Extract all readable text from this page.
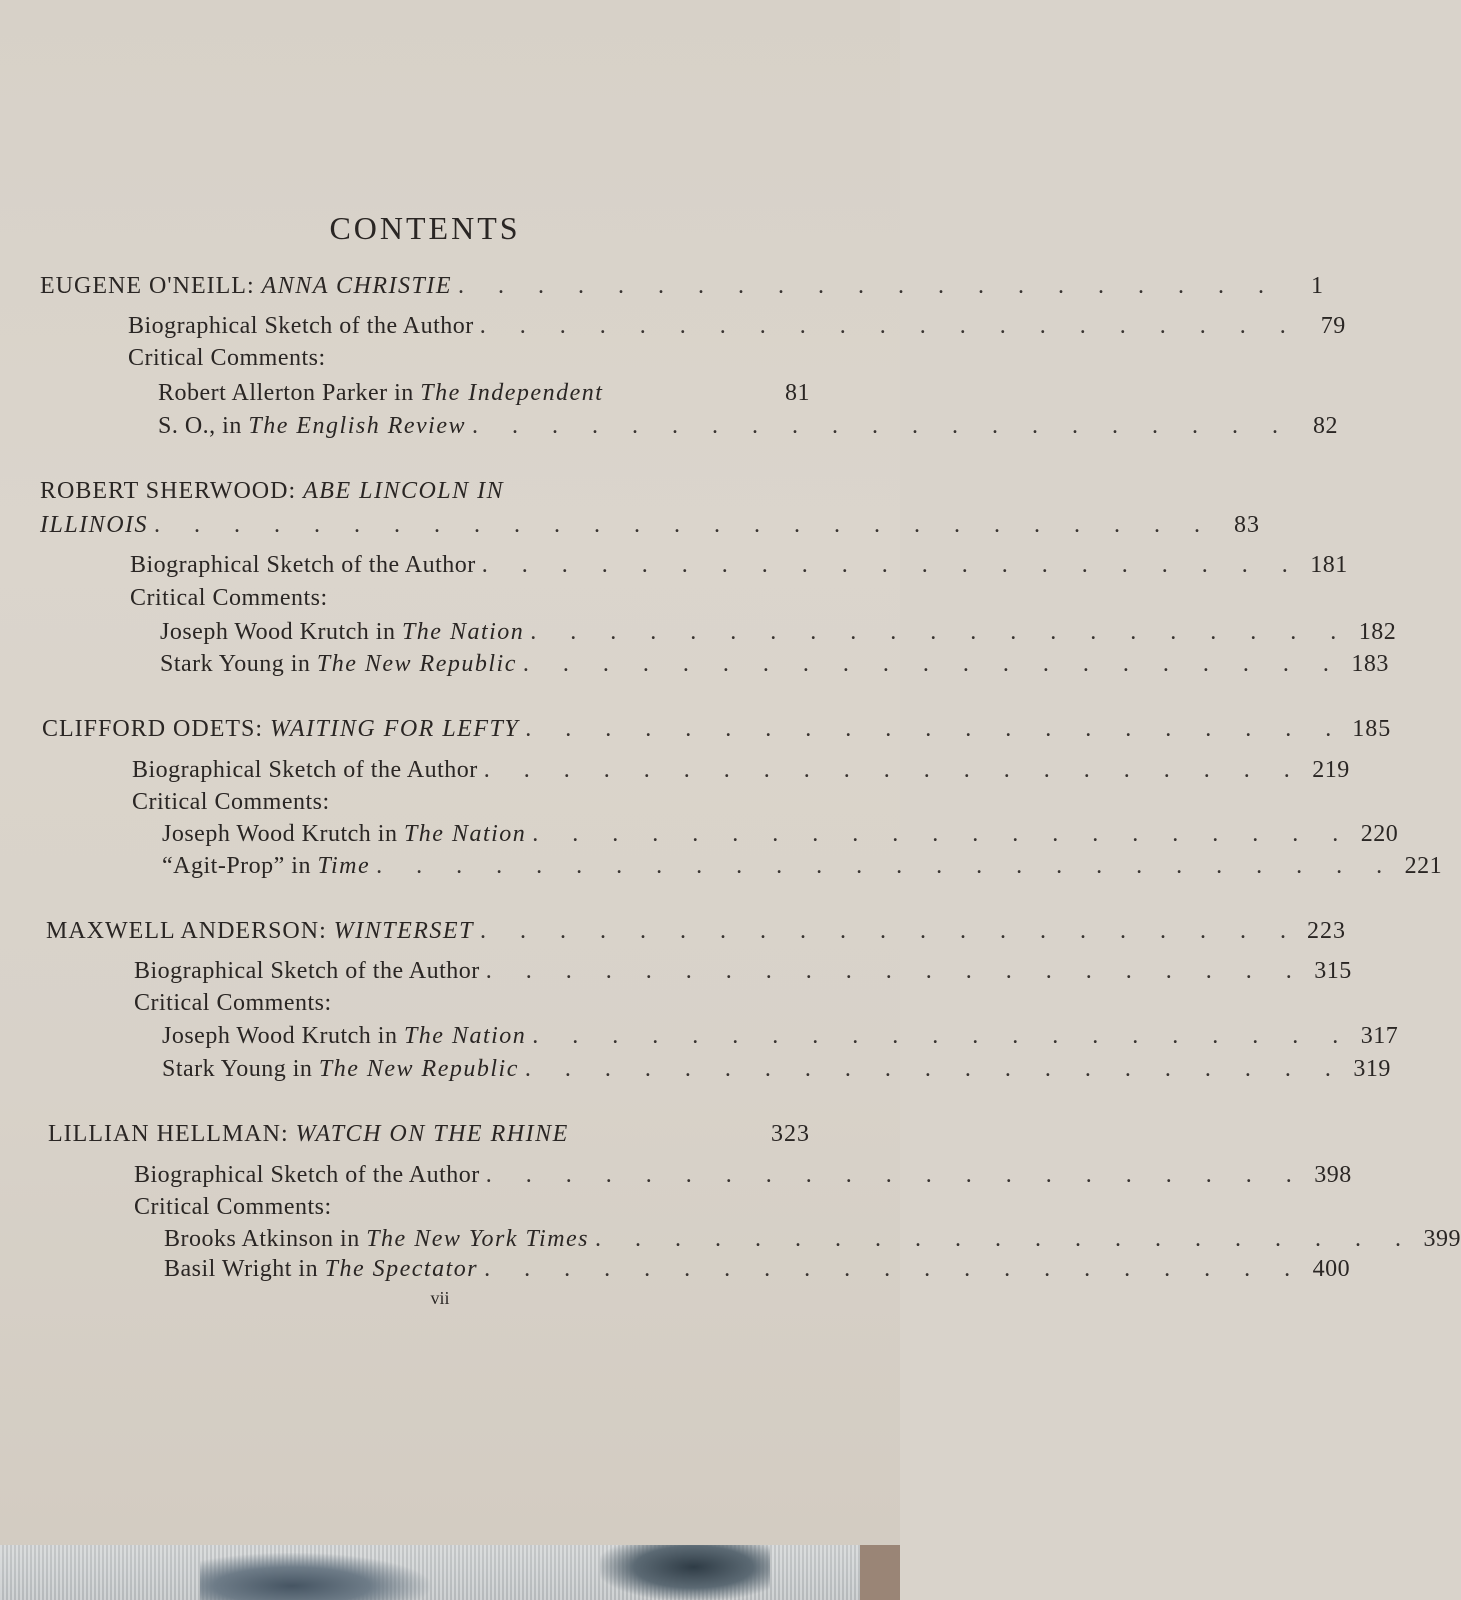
CONTENTS
EUGENE O'NEILL: ANNA CHRISTIE . . . . . . . . . . . . . . . . . . . . .	1
Biographical Sketch of the Author . . . . . . . . . . . . . . . . . . . . . 79
Critical Comments:
Robert Allerton Parker in The Independent	81
S. O., in The English Review . . . . . . . . . . . . . . . . . . . . . 82
ROBERT SHERWOOD: ABE LINCOLN IN
ILLINOIS . . . . . . . . . . . . . . . . . . . . . . . . . . . 83
Biographical Sketch of the Author . . . . . . . . . . . . . . . . . . . . . 181
Critical Comments:
Joseph Wood Krutch in The Nation . . . . . . . . . . . . . . . . . . . . . 182
Stark Young in The New Republic . . . . . . . . . . . . . . . . . . . . . 183
CLIFFORD ODETS: WAITING FOR LEFTY . . . . . . . . . . . . . . . . . . . . . 185
Biographical Sketch of the Author . . . . . . . . . . . . . . . . . . . . . 219
Critical Comments:
Joseph Wood Krutch in The Nation . . . . . . . . . . . . . . . . . . . . . 220
“Agit-Prop” in Time . . . . . . . . . . . . . . . . . . . . . . . . . . 221
MAXWELL ANDERSON: WINTERSET . . . . . . . . . . . . . . . . . . . . . 223
Biographical Sketch of the Author . . . . . . . . . . . . . . . . . . . . . 315
Critical Comments:
Joseph Wood Krutch in The Nation . . . . . . . . . . . . . . . . . . . . . 317
Stark Young in The New Republic . . . . . . . . . . . . . . . . . . . . . 319
LILLIAN HELLMAN: WATCH ON THE RHINE	323
Biographical Sketch of the Author . . . . . . . . . . . . . . . . . . . . . 398
Critical Comments:
Brooks Atkinson in The New York Times . . . . . . . . . . . . . . . . . . . . . 399
Basil Wright in The Spectator . . . . . . . . . . . . . . . . . . . . . 400
vii
